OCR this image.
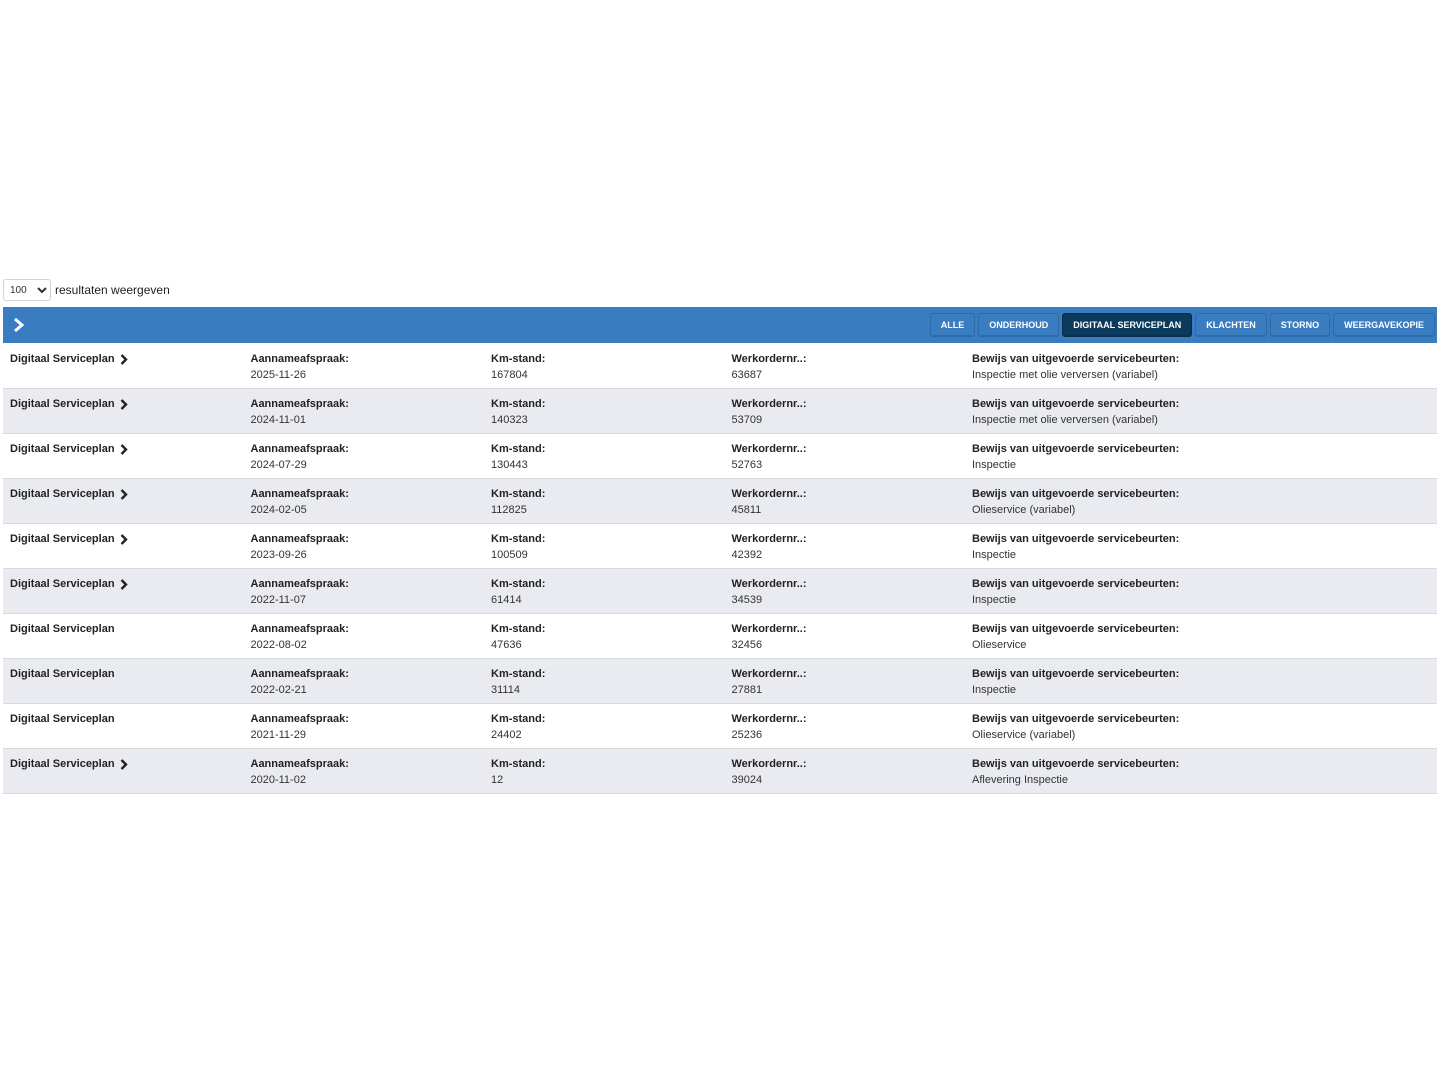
100
resultaten weergeven
ALLE	ONDERHOUD	DIGITAAL SERVICEPLAN	KLACHTEN	STORNO	WEERGAVEKOPIE
Digitaal Serviceplan	Aannameafspraak:
2025-11-26
Km-stand:
167804
Werkordernr..:
63687
Bewijs van uitgevoerde servicebeurten:
Inspectie met olie verversen (variabel)
Digitaal Serviceplan	Aannameafspraak:
2024-11-01
Km-stand:
140323
Werkordernr..:
53709
Bewijs van uitgevoerde servicebeurten:
Inspectie met olie verversen (variabel)
Digitaal Serviceplan	Aannameafspraak:
2024-07-29
Km-stand:
130443
Werkordernr..:
52763
Bewijs van uitgevoerde servicebeurten:
Inspectie
Digitaal Serviceplan	Aannameafspraak:
2024-02-05
Km-stand:
112825
Werkordernr..:
45811
Bewijs van uitgevoerde servicebeurten:
Olieservice (variabel)
Digitaal Serviceplan	Aannameafspraak:
2023-09-26
Km-stand:
100509
Werkordernr..:
42392
Bewijs van uitgevoerde servicebeurten:
Inspectie
Digitaal Serviceplan	Aannameafspraak:
2022-11-07
Km-stand:
61414
Werkordernr..:
34539
Bewijs van uitgevoerde servicebeurten:
Inspectie
Digitaal Serviceplan	Aannameafspraak:
2022-08-02
Km-stand:
47636
Werkordernr..:
32456
Bewijs van uitgevoerde servicebeurten:
Olieservice
Digitaal Serviceplan	Aannameafspraak:
2022-02-21
Km-stand:
31114
Werkordernr..:
27881
Bewijs van uitgevoerde servicebeurten:
Inspectie
Digitaal Serviceplan	Aannameafspraak:
2021-11-29
Km-stand:
24402
Werkordernr..:
25236
Bewijs van uitgevoerde servicebeurten:
Olieservice (variabel)
Digitaal Serviceplan	Aannameafspraak:
2020-11-02
Km-stand:
12
Werkordernr..:
39024
Bewijs van uitgevoerde servicebeurten:
Aflevering Inspectie
